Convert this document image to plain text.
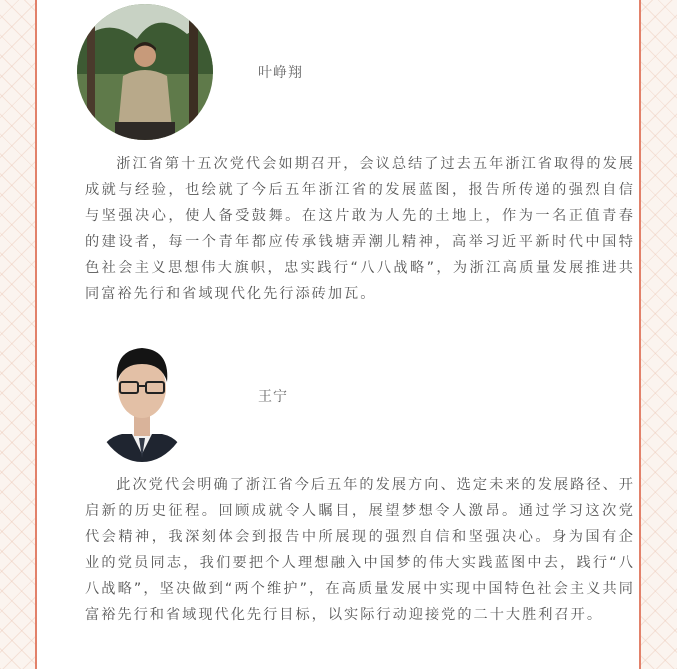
叶峥翔

浙江省第十五次党代会如期召开，会议总结了过去五年浙江省取得的发展成就与经验，也绘就了今后五年浙江省的发展蓝图，报告所传递的强烈自信与坚强决心，使人备受鼓舞。在这片敢为人先的土地上，作为一名正值青春的建设者，每一个青年都应传承钱塘弄潮儿精神，高举习近平新时代中国特色社会主义思想伟大旗帜，忠实践行“八八战略”，为浙江高质量发展推进共同富裕先行和省域现代化先行添砖加瓦。

王宁

此次党代会明确了浙江省今后五年的发展方向、选定未来的发展路径、开启新的历史征程。回顾成就令人瞩目，展望梦想令人激昂。通过学习这次党代会精神，我深刻体会到报告中所展现的强烈自信和坚强决心。身为国有企业的党员同志，我们要把个人理想融入中国梦的伟大实践蓝图中去，践行“八八战略”，坚决做到“两个维护”，在高质量发展中实现中国特色社会主义共同富裕先行和省域现代化先行目标，以实际行动迎接党的二十大胜利召开。
